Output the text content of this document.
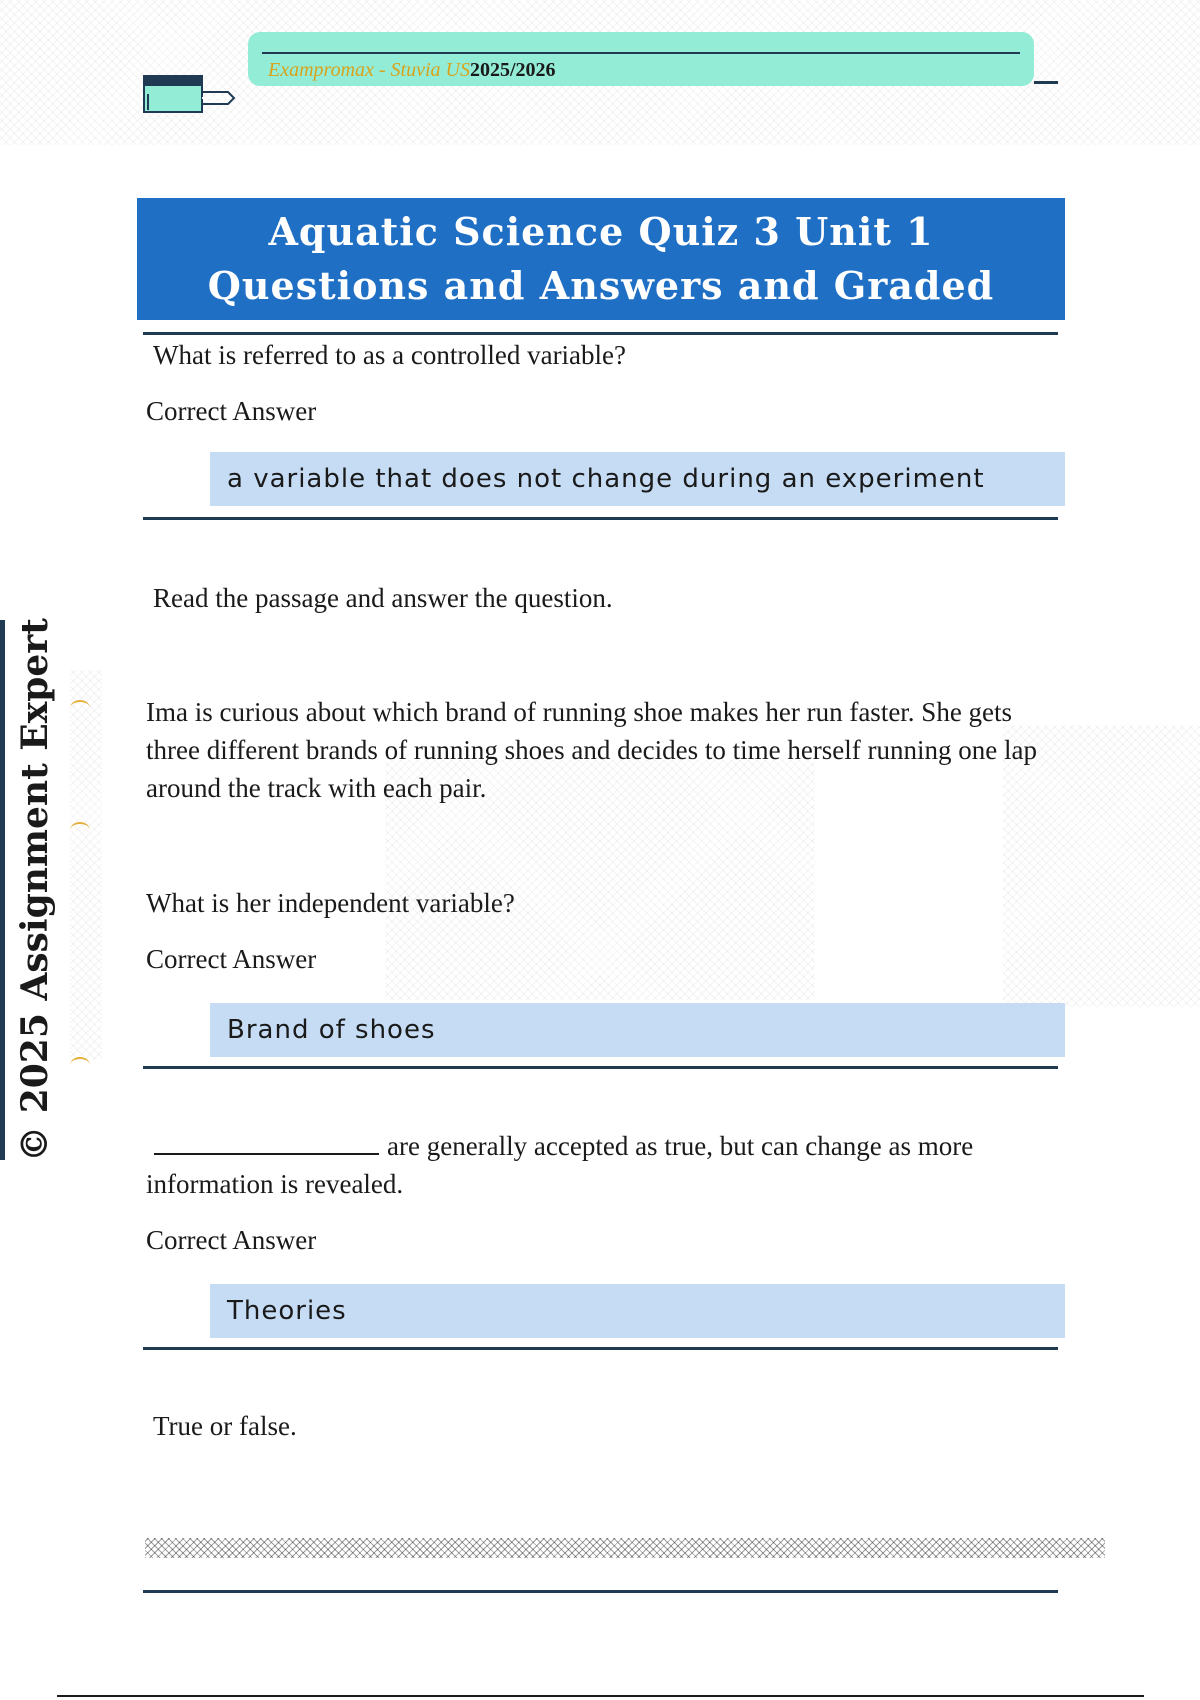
Exampromax - Stuvia US2025/2026
Aquatic Science Quiz 3 Unit 1 Questions and Answers and Graded
© 2025 Assignment Expert
What is referred to as a controlled variable?
Correct Answer
a variable that does not change during an experiment
Read the passage and answer the question.
Ima is curious about which brand of running shoe makes her run faster. She gets three different brands of running shoes and decides to time herself running one lap around the track with each pair.
What is her independent variable?
Correct Answer
Brand of shoes
are generally accepted as true, but can change as more information is revealed.
Correct Answer
Theories
True or false.
